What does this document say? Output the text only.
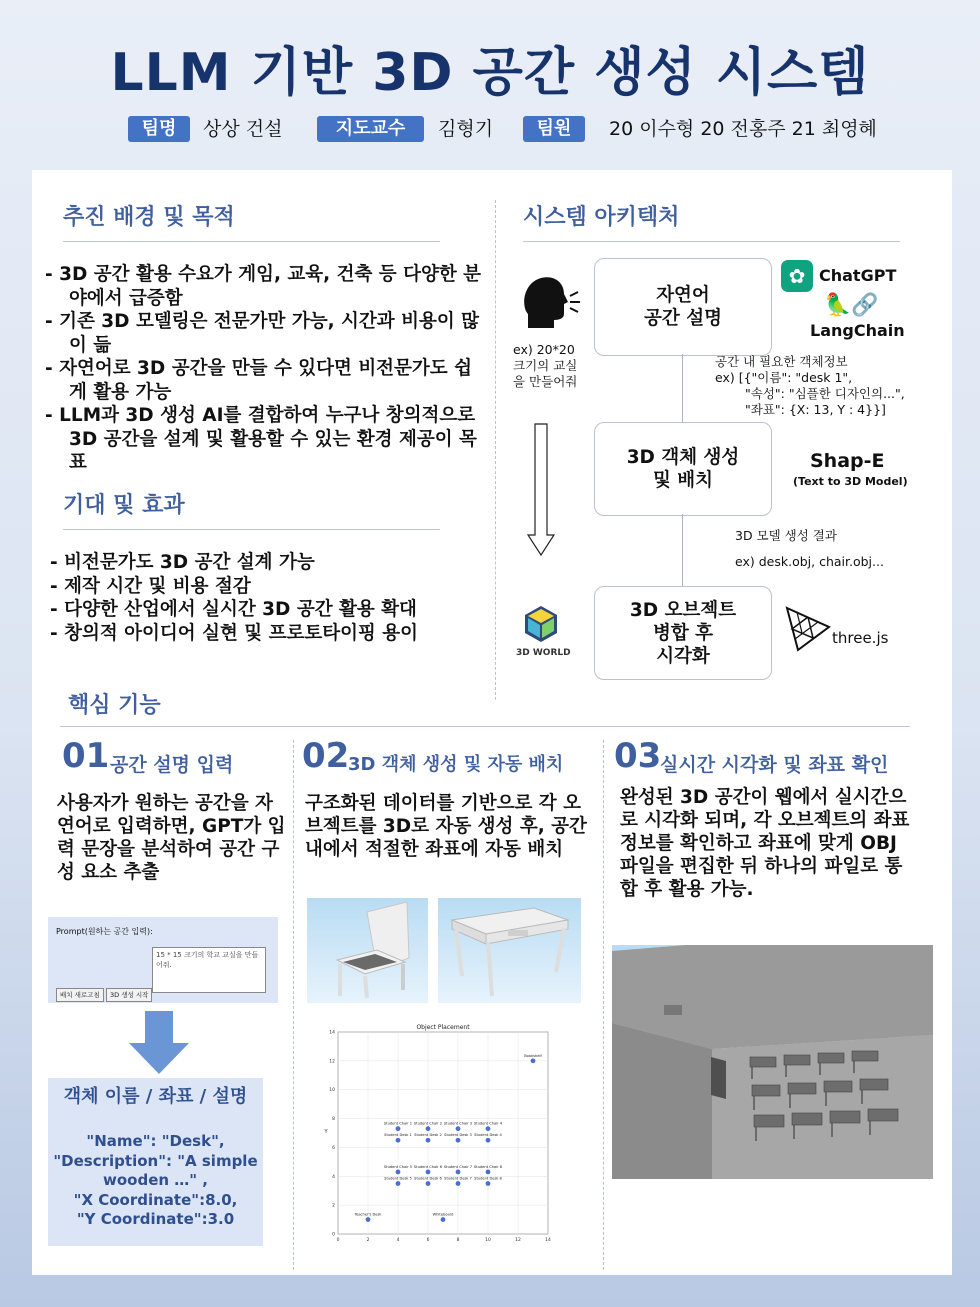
LLM 기반 3D 공간 생성 시스템
팀명	상상 건설	지도교수	김형기	팀원	20 이수형 20 전홍주 21 최영혜
추진 배경 및 목적
- 3D 공간 활용 수요가 게임, 교육, 건축 등 다양한 분야에서 급증함
- 기존 3D 모델링은 전문가만 가능, 시간과 비용이 많이 듦
- 자연어로 3D 공간을 만들 수 있다면 비전문가도 쉽게 활용 가능
- LLM과 3D 생성 AI를 결합하여 누구나 창의적으로 3D 공간을 설계 및 활용할 수 있는 환경 제공이 목표
기대 및 효과
- 비전문가도 3D 공간 설계 가능
- 제작 시간 및 비용 절감
- 다양한 산업에서 실시간 3D 공간 활용 확대
- 창의적 아이디어 실현 및 프로토타이핑 용이
시스템 아키텍처
ex) 20*20 크기의 교실을 만들어줘
자연어
공간 설명
✿ ChatGPT
🦜🔗
LangChain
공간 내 필요한 객체정보
ex) [{"이름": "desk 1",
"속성": "심플한 디자인의...",
"좌표": {X: 13, Y : 4}}]
3D 객체 생성
및 배치
Shap-E
(Text to 3D Model)
3D 모델 생성 결과
ex) desk.obj, chair.obj...
3D 오브젝트
병합 후
시각화
3D WORLD
three.js
핵심 기능
01 공간 설명 입력
사용자가 원하는 공간을 자연어로 입력하면, GPT가 입력 문장을 분석하여 공간 구성 요소 추출
Prompt(원하는 공간 입력):
15 * 15 크기의 학교 교실을 만들어줘.
배치 새로고침	3D 생성 시작
객체 이름 / 좌표 / 설명
"Name": "Desk",
"Description": "A simple
wooden …" ,
"X Coordinate":8.0,
"Y Coordinate":3.0
02
3D 객체 생성 및 자동 배치
구조화된 데이터를 기반으로 각 오브젝트를 3D로 자동 생성 후, 공간 내에서 적절한 좌표에 자동 배치
0	2	4	6	8	10	12	14
0
2
4
6
8
10
12
14
Object Placement
Y
Bookshelf
Student Chair 1 Student Chair 2 Student Chair 3 Student Chair 4
Student Desk 1 Student Desk 2 Student Desk 3 Student Desk 4
Student Chair 5 Student Chair 6 Student Chair 7 Student Chair 8
Student Desk 5 Student Desk 6 Student Desk 7 Student Desk 8
Teacher's Desk	Whiteboard
03
실시간 시각화 및 좌표 확인
완성된 3D 공간이 웹에서 실시간으로 시각화 되며, 각 오브젝트의 좌표 정보를 확인하고 좌표에 맞게 OBJ 파일을 편집한 뒤 하나의 파일로 통합 후 활용 가능.
